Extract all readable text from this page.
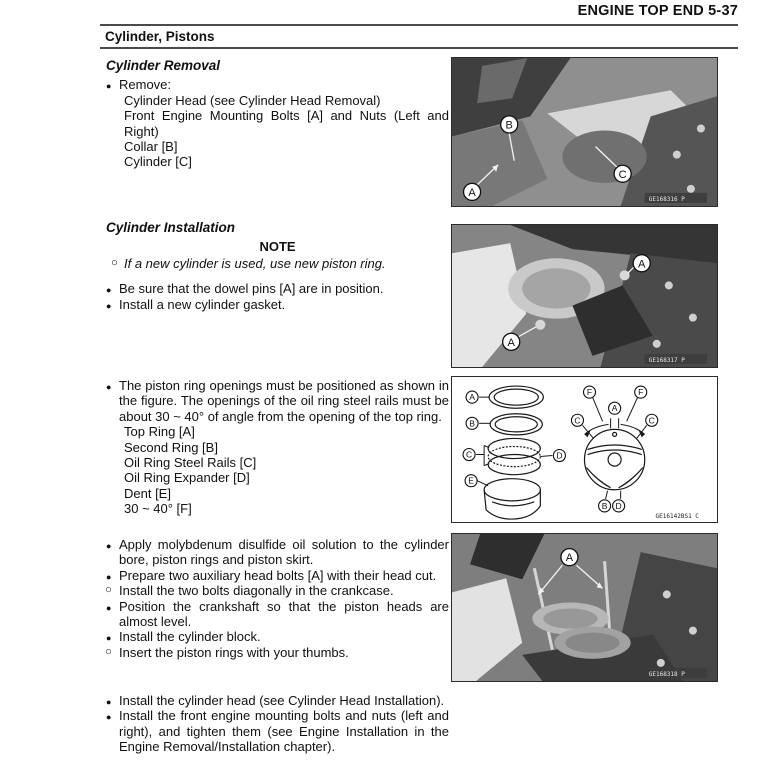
ENGINE TOP END 5-37
Cylinder, Pistons
Cylinder Removal
● Remove:
Cylinder Head (see Cylinder Head Removal)
Front Engine Mounting Bolts [A] and Nuts (Left and Right)
Collar [B]
Cylinder [C]
Cylinder Installation
NOTE
○ If a new cylinder is used, use new piston ring.
● Be sure that the dowel pins [A] are in position.
● Install a new cylinder gasket.
● The piston ring openings must be positioned as shown in the figure. The openings of the oil ring steel rails must be about 30 ~ 40° of angle from the opening of the top ring.
Top Ring [A]
Second Ring [B]
Oil Ring Steel Rails [C]
Oil Ring Expander [D]
Dent [E]
30 ~ 40° [F]
● Apply molybdenum disulfide oil solution to the cylinder bore, piston rings and piston skirt.
● Prepare two auxiliary head bolts [A] with their head cut.
○ Install the two bolts diagonally in the crankcase.
● Position the crankshaft so that the piston heads are almost level.
● Install the cylinder block.
○ Insert the piston rings with your thumbs.
● Install the cylinder head (see Cylinder Head Installation).
● Install the front engine mounting bolts and nuts (left and right), and tighten them (see Engine Installation in the Engine Removal/Installation chapter).
A
B
C
GE168316 P
A
A
GE168317 P
A
B
C	D
E
F	F
A
C	C
B D
GE16142BS1 C
A
GE168318 P
